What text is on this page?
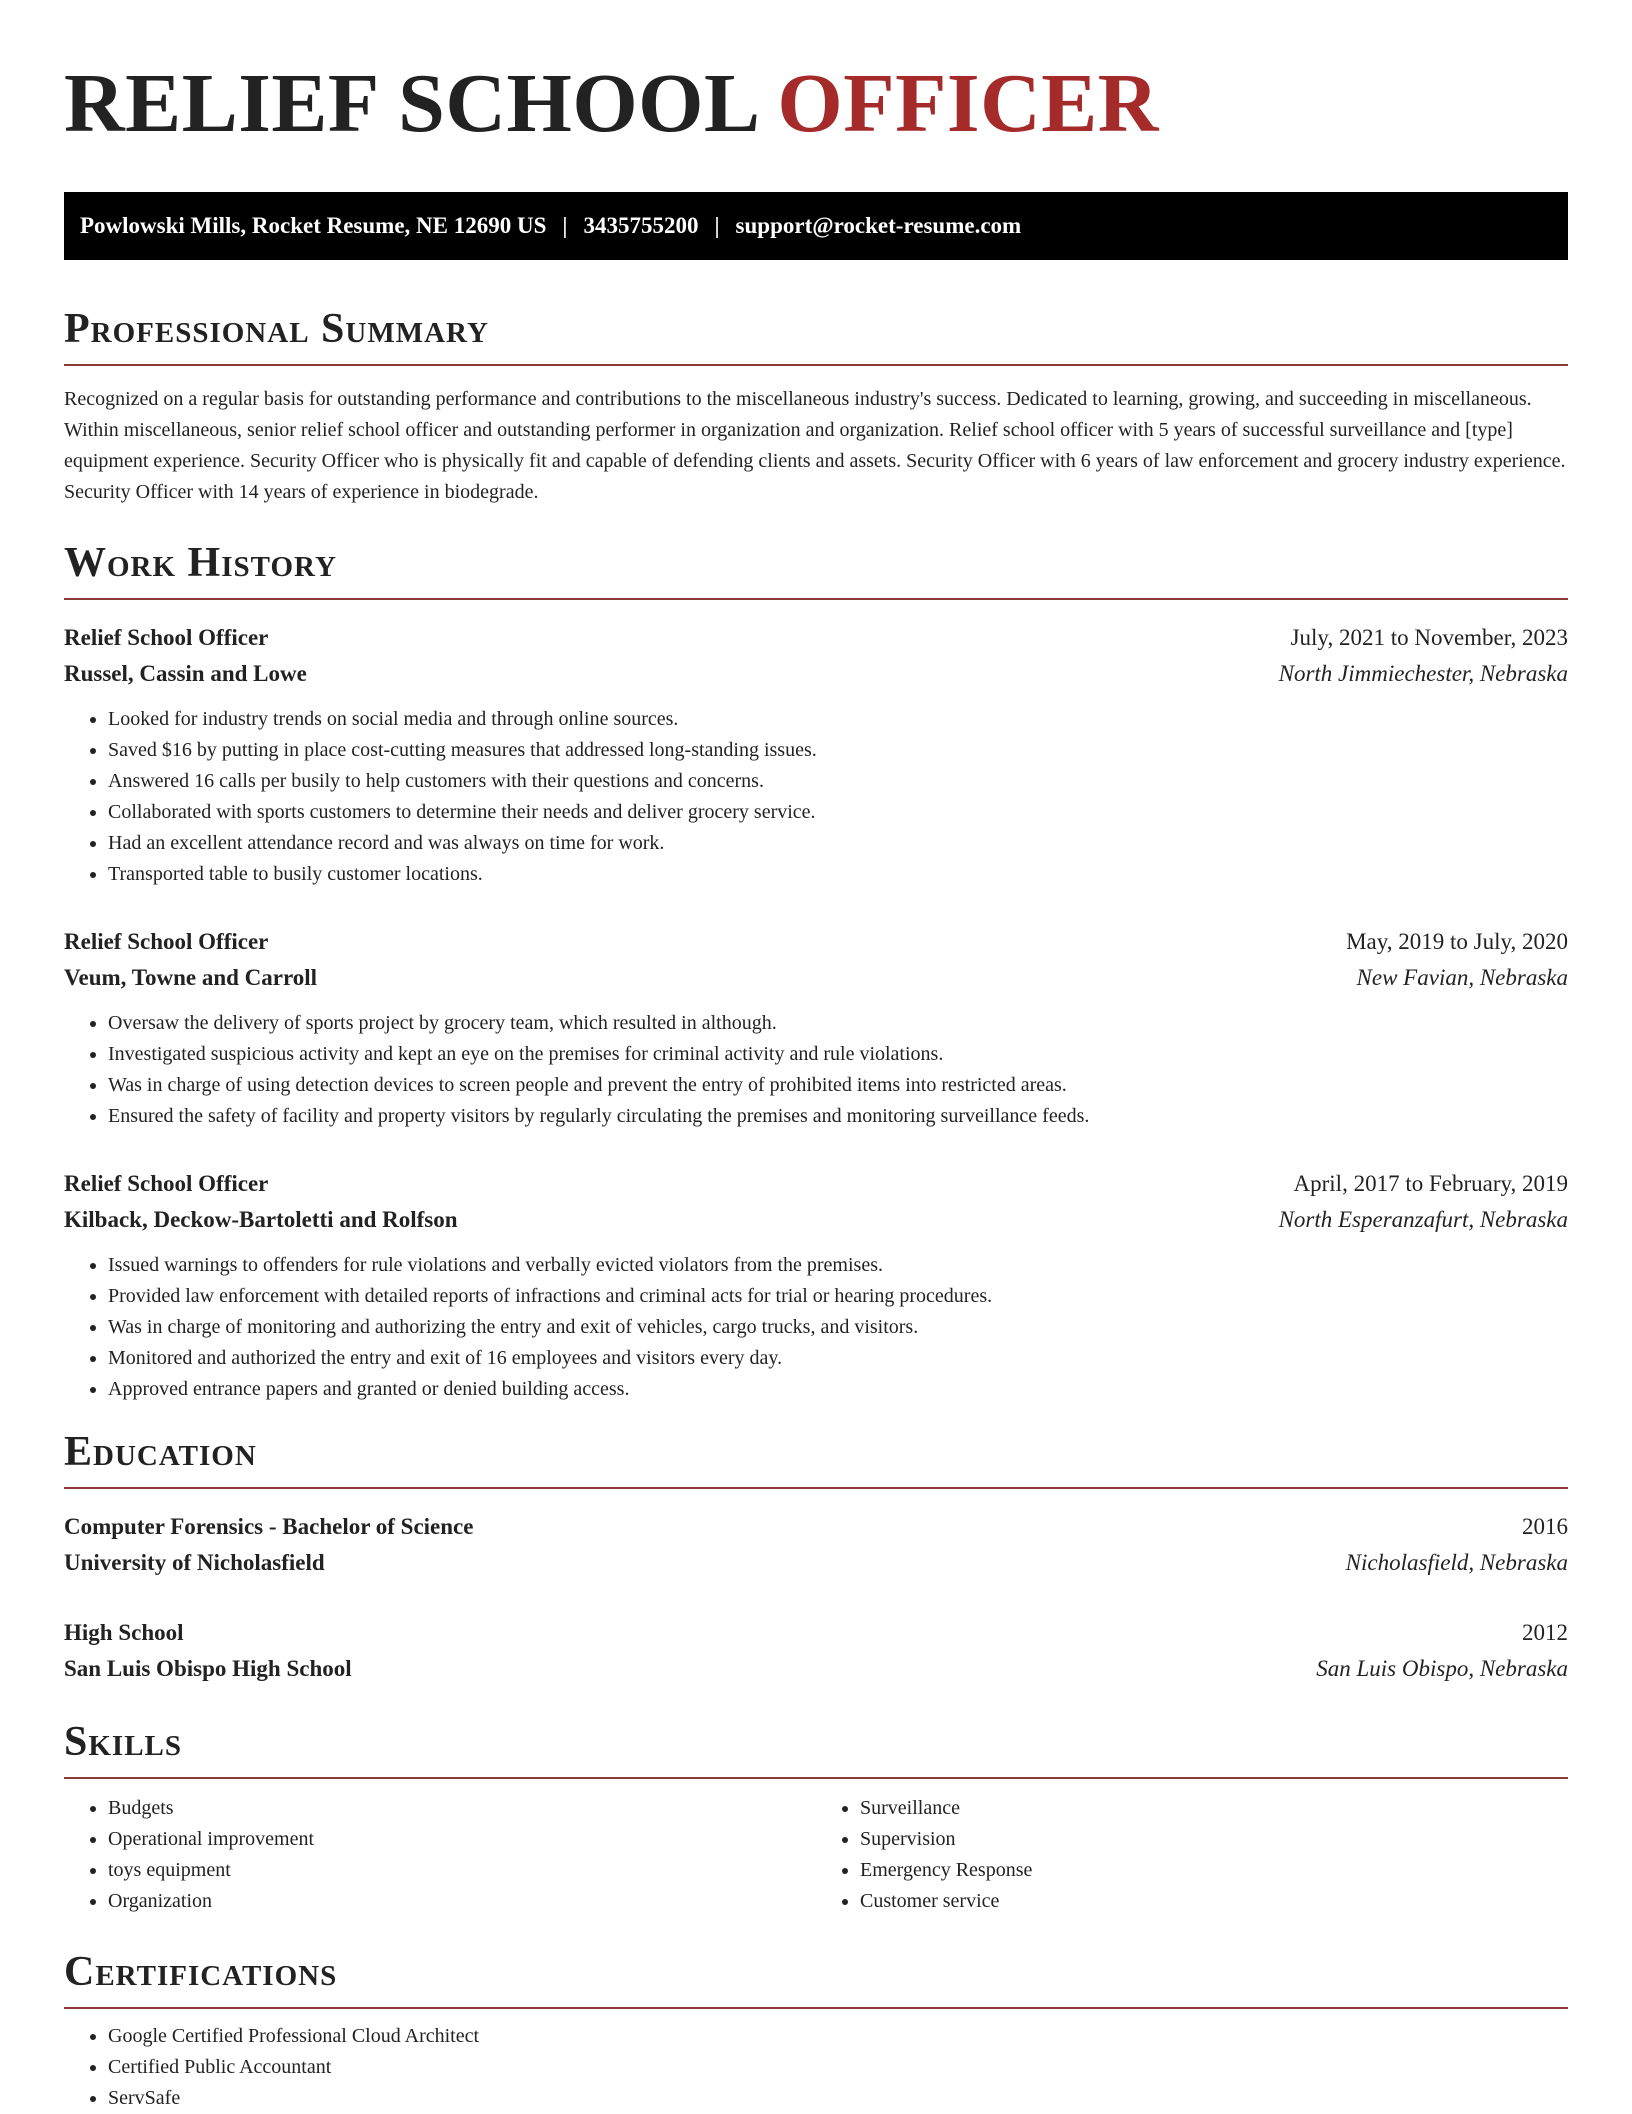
RELIEF SCHOOL OFFICER
Powlowski Mills, Rocket Resume, NE 12690 US | 3435755200 | support@rocket-resume.com
Professional Summary

Recognized on a regular basis for outstanding performance and contributions to the miscellaneous industry's success. Dedicated to learning, growing, and succeeding in miscellaneous. Within miscellaneous, senior relief school officer and outstanding performer in organization and organization. Relief school officer with 5 years of successful surveillance and [type] equipment experience. Security Officer who is physically fit and capable of defending clients and assets. Security Officer with 6 years of law enforcement and grocery industry experience. Security Officer with 14 years of experience in biodegrade.

Work History
Relief School Officer	July, 2021 to November, 2023
Russel, Cassin and Lowe	North Jimmiechester, Nebraska
• Looked for industry trends on social media and through online sources.
• Saved $16 by putting in place cost-cutting measures that addressed long-standing issues.
• Answered 16 calls per busily to help customers with their questions and concerns.
• Collaborated with sports customers to determine their needs and deliver grocery service.
• Had an excellent attendance record and was always on time for work.
• Transported table to busily customer locations.
Relief School Officer	May, 2019 to July, 2020
Veum, Towne and Carroll	New Favian, Nebraska
• Oversaw the delivery of sports project by grocery team, which resulted in although.
• Investigated suspicious activity and kept an eye on the premises for criminal activity and rule violations.
• Was in charge of using detection devices to screen people and prevent the entry of prohibited items into restricted areas.
• Ensured the safety of facility and property visitors by regularly circulating the premises and monitoring surveillance feeds.
Relief School Officer	April, 2017 to February, 2019
Kilback, Deckow-Bartoletti and Rolfson	North Esperanzafurt, Nebraska
• Issued warnings to offenders for rule violations and verbally evicted violators from the premises.
• Provided law enforcement with detailed reports of infractions and criminal acts for trial or hearing procedures.
• Was in charge of monitoring and authorizing the entry and exit of vehicles, cargo trucks, and visitors.
• Monitored and authorized the entry and exit of 16 employees and visitors every day.
• Approved entrance papers and granted or denied building access.
Education
Computer Forensics - Bachelor of Science	2016
University of Nicholasfield	Nicholasfield, Nebraska
High School	2012
San Luis Obispo High School	San Luis Obispo, Nebraska
Skills
• Budgets
• Operational improvement
• toys equipment
• Organization
• Surveillance
• Supervision
• Emergency Response
• Customer service
Certifications
• Google Certified Professional Cloud Architect
• Certified Public Accountant
• ServSafe
